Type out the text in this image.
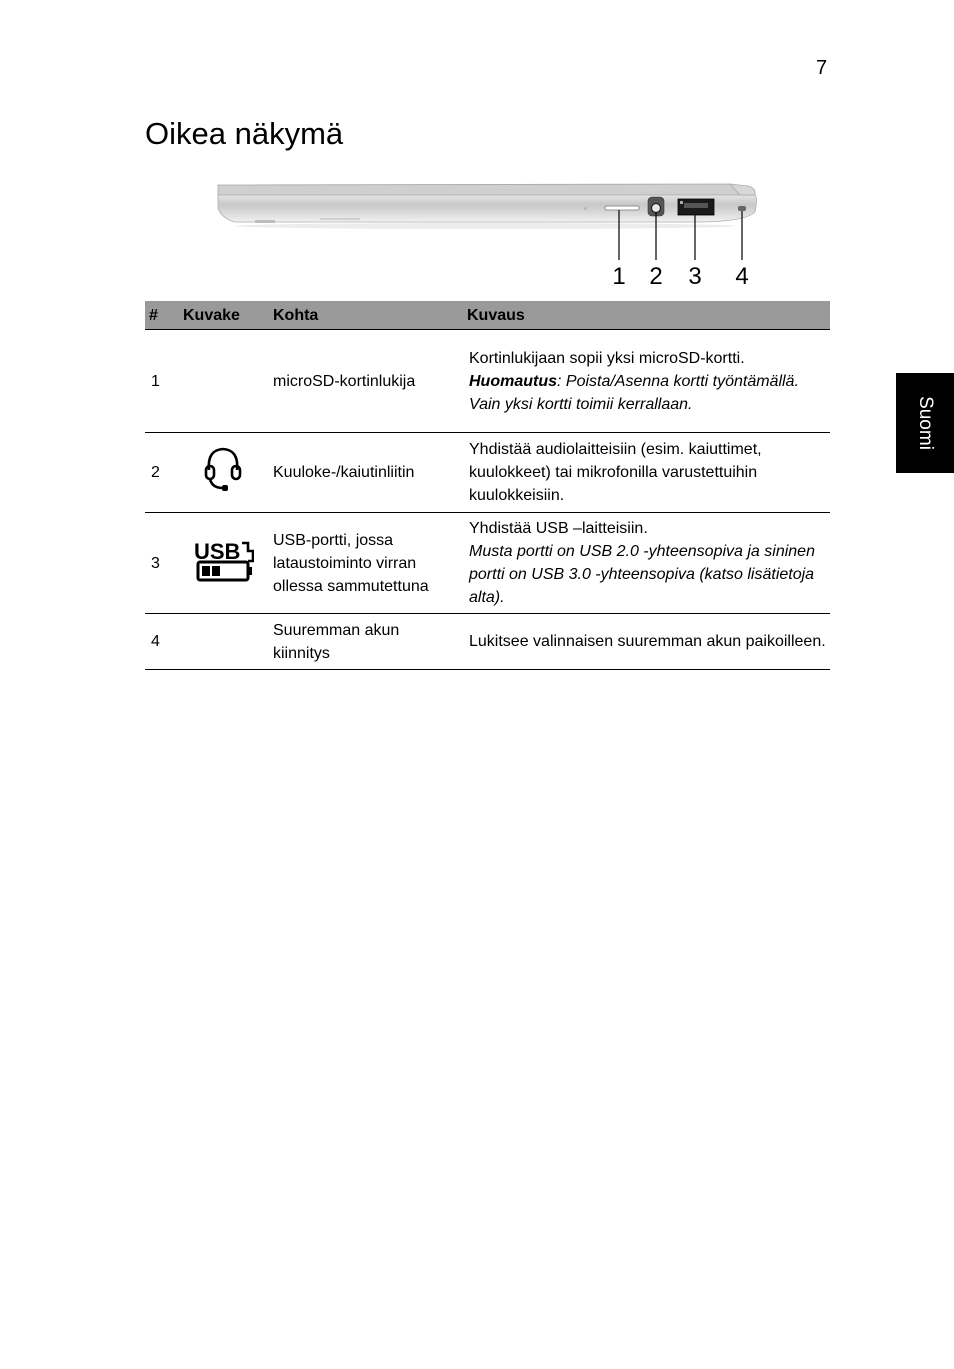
7
Oikea näkymä
Suomi
1 2 3 4
#	Kuvake	Kohta	Kuvaus
1		microSD-kortinlukija	Kortinlukijaan sopii yksi microSD-kortti.
Huomautus: Poista/Asenna kortti työntämällä.
Vain yksi kortti toimii kerrallaan.

2		Kuuloke-/kaiutinliitin	Yhdistää audiolaitteisiin (esim. kaiuttimet, kuulokkeet) tai mikrofonilla varustettuihin kuulokkeisiin.

3	USB	USB-portti, jossa lataustoiminto virran ollessa sammutettuna	Yhdistää USB –laitteisiin.
Musta portti on USB 2.0 -yhteensopiva ja sininen portti on USB 3.0 -yhteensopiva (katso lisätietoja alta).

4		Suuremman akun kiinnitys	Lukitsee valinnaisen suuremman akun paikoilleen.
